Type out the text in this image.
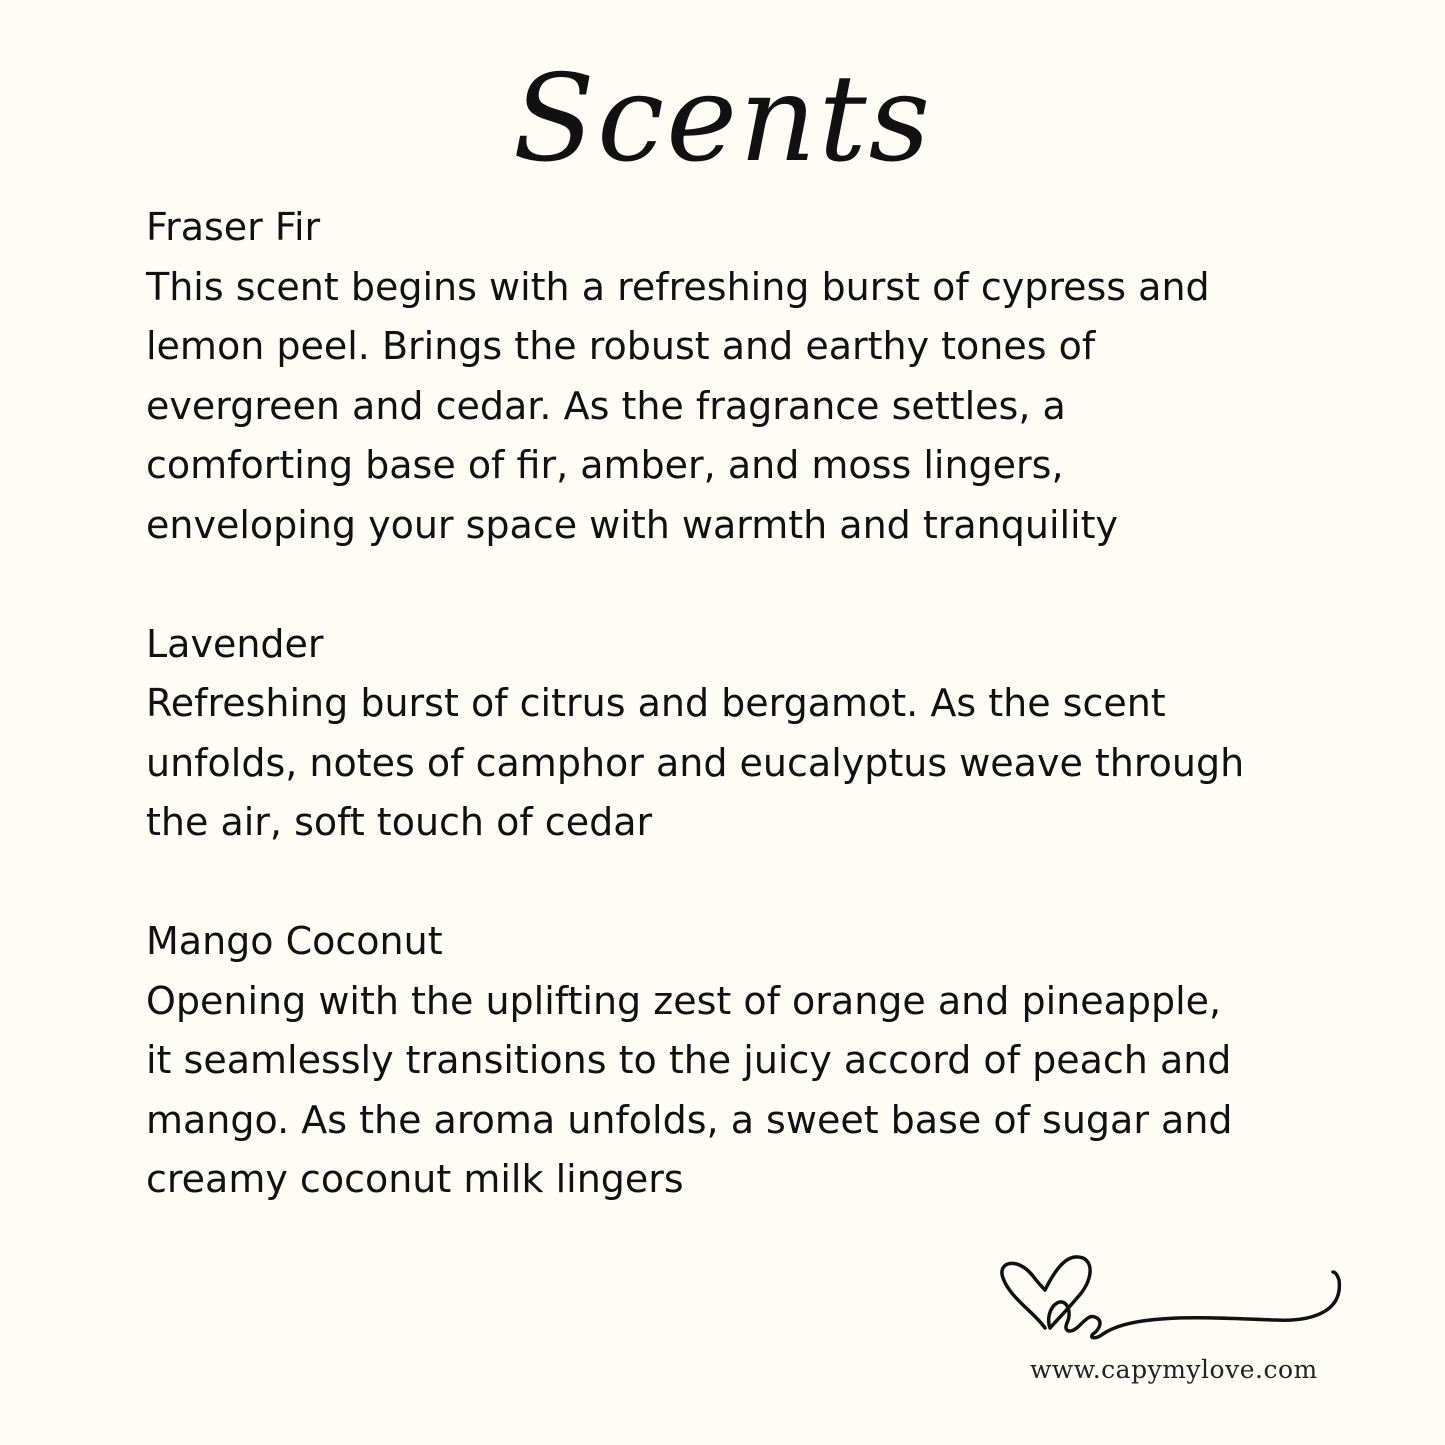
Scents

Fraser Fir

This scent begins with a refreshing burst of cypress and

lemon peel. Brings the robust and earthy tones of

evergreen and cedar. As the fragrance settles, a

comforting base of fir, amber, and moss lingers,

enveloping your space with warmth and tranquility

Lavender

Refreshing burst of citrus and bergamot. As the scent

unfolds, notes of camphor and eucalyptus weave through

the air, soft touch of cedar

Mango Coconut

Opening with the uplifting zest of orange and pineapple,

it seamlessly transitions to the juicy accord of peach and

mango. As the aroma unfolds, a sweet base of sugar and

creamy coconut milk lingers

www.capymylove.com
